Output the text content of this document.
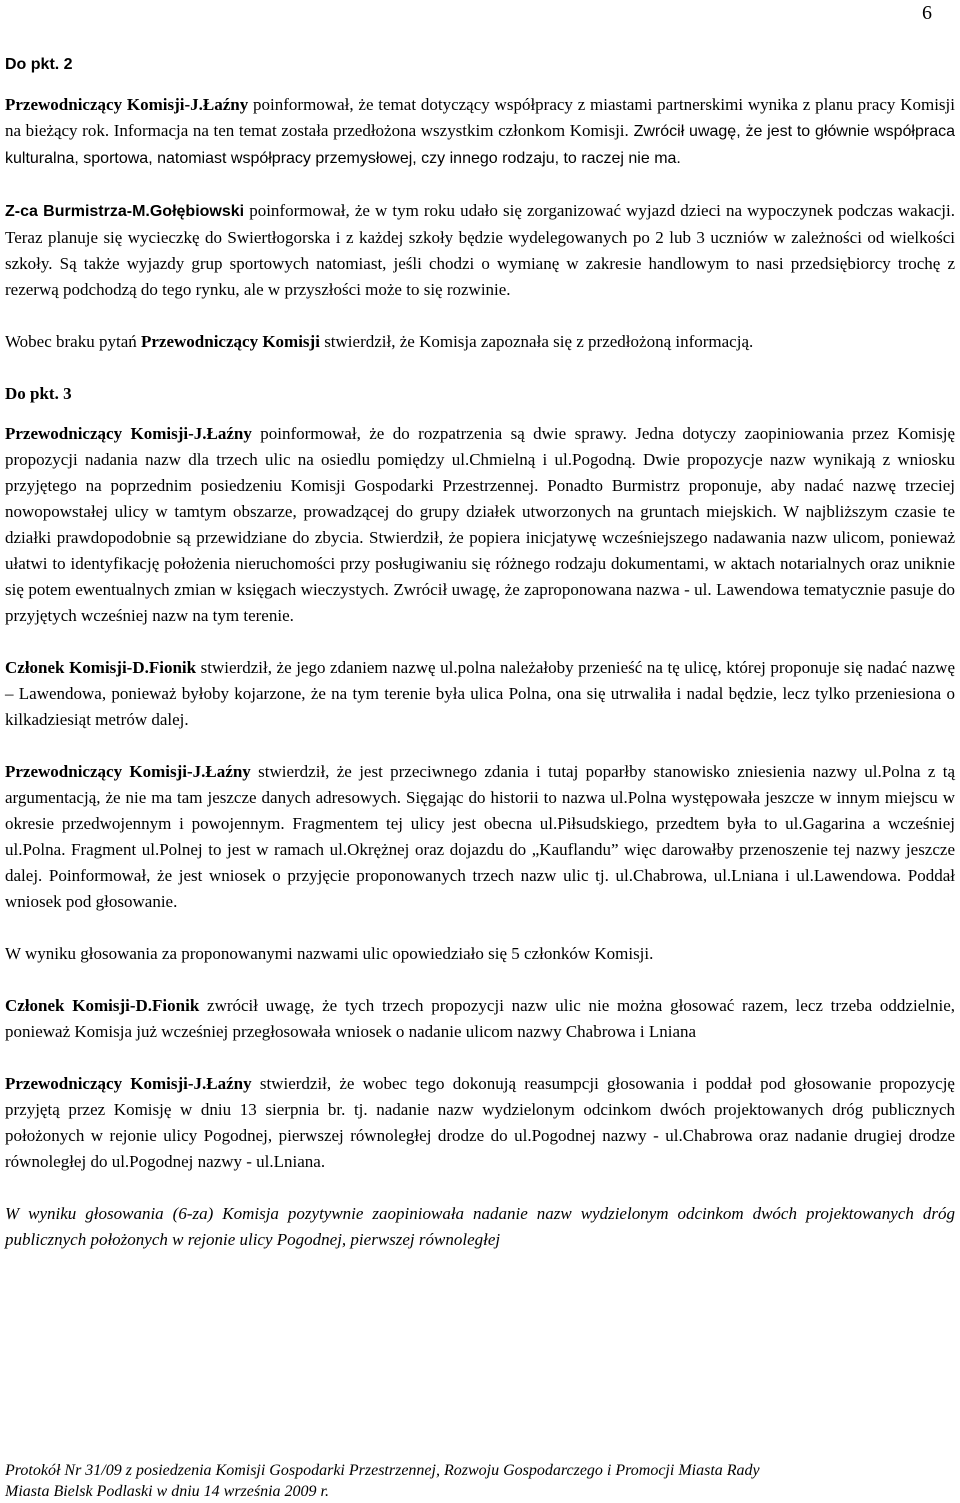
6

Do pkt. 2

Przewodniczący Komisji-J.Łaźny poinformował, że temat dotyczący współpracy z miastami partnerskimi wynika z planu pracy Komisji na bieżący rok. Informacja na ten temat została przedłożona wszystkim członkom Komisji. Zwrócił uwagę, że jest to głównie współpraca kulturalna, sportowa, natomiast współpracy przemysłowej, czy innego rodzaju, to raczej nie ma.

Z-ca Burmistrza-M.Gołębiowski poinformował, że w tym roku udało się zorganizować wyjazd dzieci na wypoczynek podczas wakacji. Teraz planuje się wycieczkę do Swiertłogorska i z każdej szkoły będzie wydelegowanych po 2 lub 3 uczniów w zależności od wielkości szkoły. Są także wyjazdy grup sportowych natomiast, jeśli chodzi o wymianę w zakresie handlowym to nasi przedsiębiorcy trochę z rezerwą podchodzą do tego rynku, ale w przyszłości może to się rozwinie.

Wobec braku pytań Przewodniczący Komisji stwierdził, że Komisja zapoznała się z przedłożoną informacją.

Do pkt. 3

Przewodniczący Komisji-J.Łaźny poinformował, że do rozpatrzenia są dwie sprawy. Jedna dotyczy zaopiniowania przez Komisję propozycji nadania nazw dla trzech ulic na osiedlu pomiędzy ul.Chmielną i ul.Pogodną. Dwie propozycje nazw wynikają z wniosku przyjętego na poprzednim posiedzeniu Komisji Gospodarki Przestrzennej. Ponadto Burmistrz proponuje, aby nadać nazwę trzeciej nowopowstałej ulicy w tamtym obszarze, prowadzącej do grupy działek utworzonych na gruntach miejskich. W najbliższym czasie te działki prawdopodobnie są przewidziane do zbycia. Stwierdził, że popiera inicjatywę wcześniejszego nadawania nazw ulicom, ponieważ ułatwi to identyfikację położenia nieruchomości przy posługiwaniu się różnego rodzaju dokumentami, w aktach notarialnych oraz uniknie się potem ewentualnych zmian w księgach wieczystych. Zwrócił uwagę, że zaproponowana nazwa - ul. Lawendowa tematycznie pasuje do przyjętych wcześniej nazw na tym terenie.

Członek Komisji-D.Fionik stwierdził, że jego zdaniem nazwę ul.polna należałoby przenieść na tę ulicę, której proponuje się nadać nazwę – Lawendowa, ponieważ byłoby kojarzone, że na tym terenie była ulica Polna, ona się utrwaliła i nadal będzie, lecz tylko przeniesiona o kilkadziesiąt metrów dalej.

Przewodniczący Komisji-J.Łaźny stwierdził, że jest przeciwnego zdania i tutaj poparłby stanowisko zniesienia nazwy ul.Polna z tą argumentacją, że nie ma tam jeszcze danych adresowych. Sięgając do historii to nazwa ul.Polna występowała jeszcze w innym miejscu w okresie przedwojennym i powojennym. Fragmentem tej ulicy jest obecna ul.Piłsudskiego, przedtem była to ul.Gagarina a wcześniej ul.Polna. Fragment ul.Polnej to jest w ramach ul.Okrężnej oraz dojazdu do „Kauflandu” więc darowałby przenoszenie tej nazwy jeszcze dalej. Poinformował, że jest wniosek o przyjęcie proponowanych trzech nazw ulic tj. ul.Chabrowa, ul.Lniana i ul.Lawendowa. Poddał wniosek pod głosowanie.

W wyniku głosowania za proponowanymi nazwami ulic opowiedziało się 5 członków Komisji.

Członek Komisji-D.Fionik zwrócił uwagę, że tych trzech propozycji nazw ulic nie można głosować razem, lecz trzeba oddzielnie, ponieważ Komisja już wcześniej przegłosowała wniosek o nadanie ulicom nazwy Chabrowa i Lniana

Przewodniczący Komisji-J.Łaźny stwierdził, że wobec tego dokonują reasumpcji głosowania i poddał pod głosowanie propozycję przyjętą przez Komisję w dniu 13 sierpnia br. tj. nadanie nazw wydzielonym odcinkom dwóch projektowanych dróg publicznych położonych w rejonie ulicy Pogodnej, pierwszej równoległej drodze do ul.Pogodnej nazwy - ul.Chabrowa oraz nadanie drugiej drodze równoległej do ul.Pogodnej nazwy - ul.Lniana.

W wyniku głosowania (6-za) Komisja pozytywnie zaopiniowała nadanie nazw wydzielonym odcinkom dwóch projektowanych dróg publicznych położonych w rejonie ulicy Pogodnej, pierwszej równoległej

Protokół Nr 31/09 z posiedzenia Komisji Gospodarki Przestrzennej, Rozwoju Gospodarczego i Promocji Miasta Rady
Miasta Bielsk Podlaski w dniu 14 września 2009 r.
